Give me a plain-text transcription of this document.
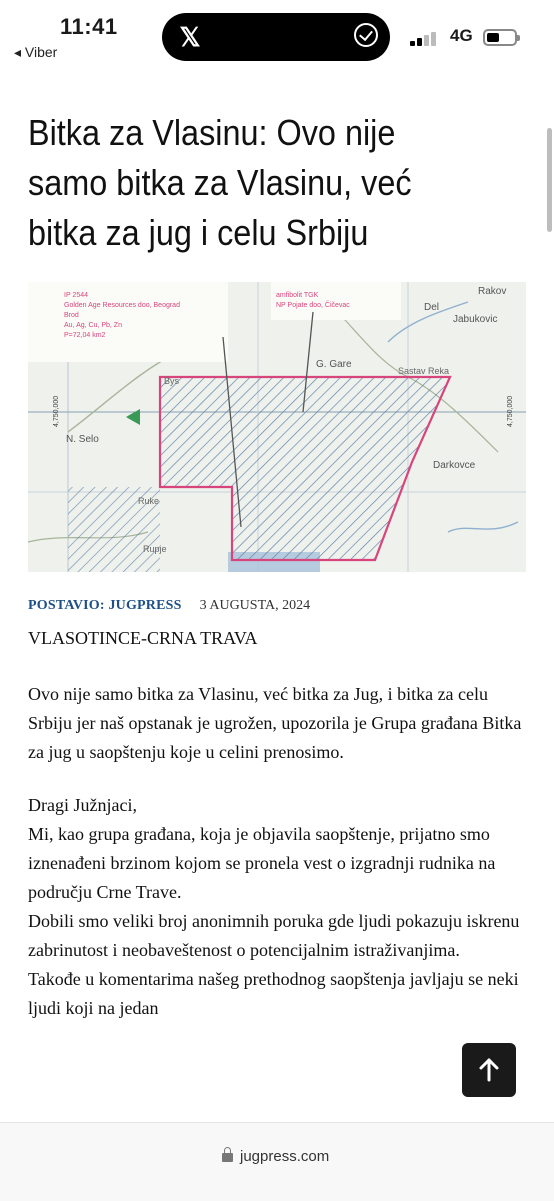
11:41
◂ Viber	𝕏	4G
Bitka za Vlasinu: Ovo nije samo bitka za Vlasinu, već bitka za jug i celu Srbiju
IP 2544
Golden Age Resources doo, Beograd
Brod
Au, Ag, Cu, Pb, Zn
P=72,04 km2
amfibolit TGK
NP Pojate doo, Čičevac
Rakov
Del
Jabukovic
G. Gare
Sastav Reka
N. Selo
Darkovce
Bys
Ruke
Rupje
4,750,000	4,750,000
POSTAVIO: JUGPRESS 3 AUGUSTA, 2024
VLASOTINCE-CRNA TRAVA

Ovo nije samo bitka za Vlasinu, već bitka za Jug, i bitka za celu Srbiju jer naš opstanak je ugrožen, upozorila je Grupa građana Bitka za jug u saopštenju koje u celini prenosimo.

Dragi Južnjaci,
Mi, kao grupa građana, koja je objavila saopštenje, prijatno smo iznenađeni brzinom kojom se pronela vest o izgradnji rudnika na području Crne Trave.
Dobili smo veliki broj anonimnih poruka gde ljudi pokazuju iskrenu zabrinutost i neobaveštenost o potencijalnim istraživanjima.
Takođe u komentarima našeg prethodnog saopštenja javljaju se neki ljudi koji na jedan
jugpress.com
